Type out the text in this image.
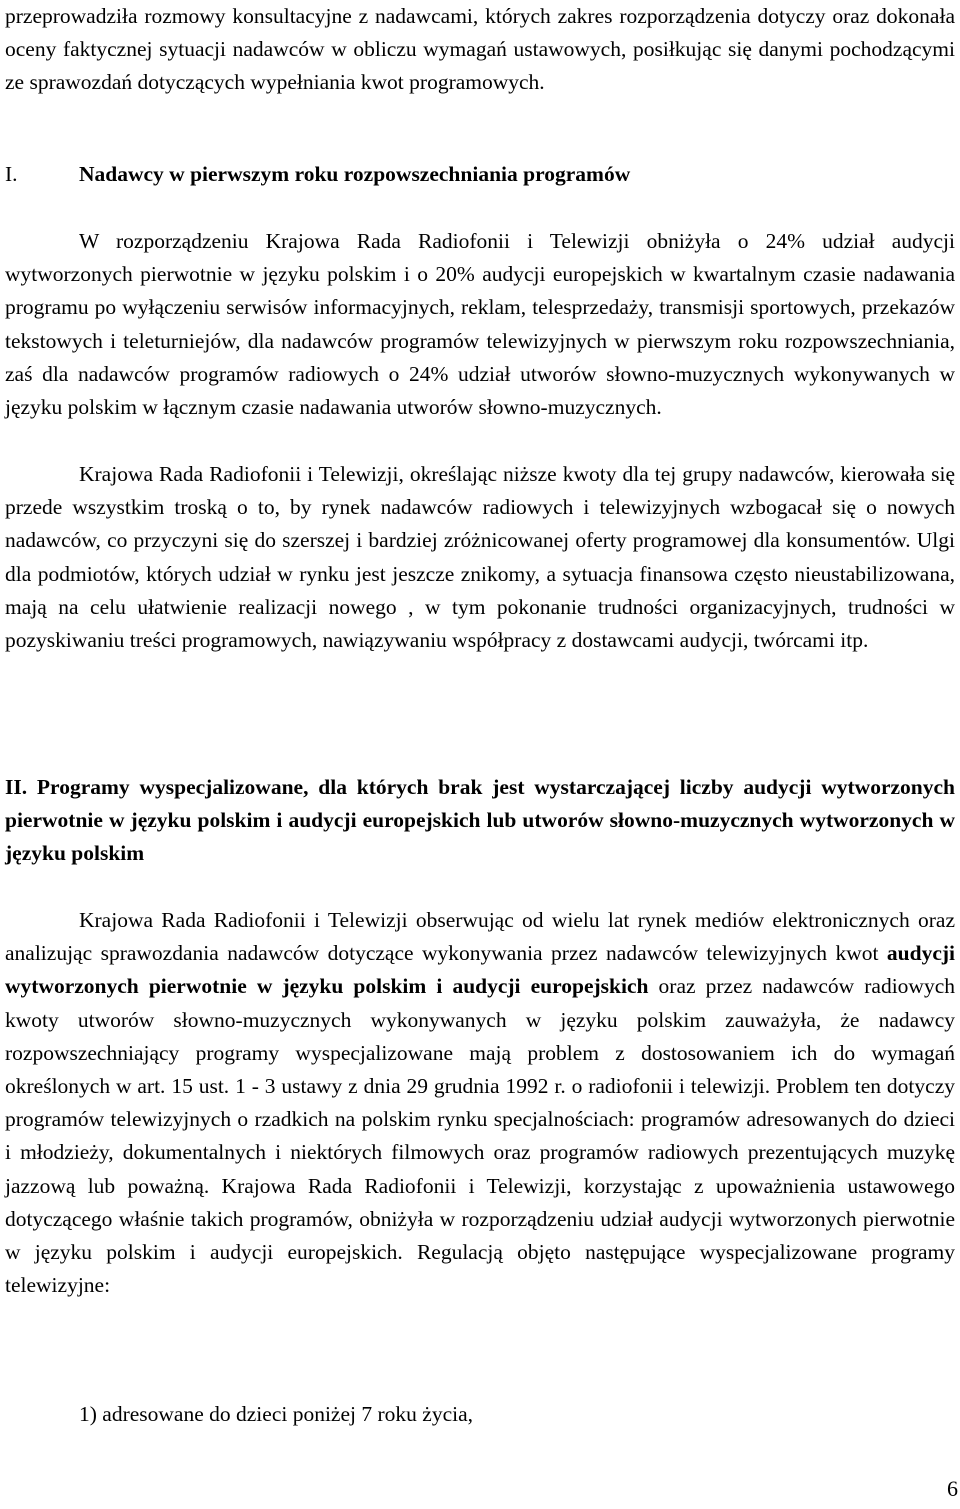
przeprowadziła rozmowy konsultacyjne z nadawcami, których zakres rozporządzenia dotyczy oraz dokonała oceny faktycznej sytuacji nadawców w obliczu wymagań ustawowych, posiłkując się danymi pochodzącymi ze sprawozdań dotyczących wypełniania kwot programowych.

I.	Nadawcy w pierwszym roku rozpowszechniania programów

W rozporządzeniu Krajowa Rada Radiofonii i Telewizji obniżyła o 24% udział audycji wytworzonych pierwotnie w języku polskim i o 20% audycji europejskich w kwartalnym czasie nadawania programu po wyłączeniu serwisów informacyjnych, reklam, telesprzedaży, transmisji sportowych, przekazów tekstowych i teleturniejów, dla nadawców programów telewizyjnych w pierwszym roku rozpowszechniania, zaś dla nadawców programów radiowych o 24% udział utworów słowno-muzycznych wykonywanych w języku polskim w łącznym czasie nadawania utworów słowno-muzycznych.

Krajowa Rada Radiofonii i Telewizji, określając niższe kwoty dla tej grupy nadawców, kierowała się przede wszystkim troską o to, by rynek nadawców radiowych i telewizyjnych wzbogacał się o nowych nadawców, co przyczyni się do szerszej i bardziej zróżnicowanej oferty programowej dla konsumentów. Ulgi dla podmiotów, których udział w rynku jest jeszcze znikomy, a sytuacja finansowa często nieustabilizowana, mają na celu ułatwienie realizacji nowego , w tym pokonanie trudności organizacyjnych, trudności w pozyskiwaniu treści programowych, nawiązywaniu współpracy z dostawcami audycji, twórcami itp.

II. Programy wyspecjalizowane, dla których brak jest wystarczającej liczby audycji wytworzonych pierwotnie w języku polskim i audycji europejskich lub utworów słowno-muzycznych wytworzonych w języku polskim

Krajowa Rada Radiofonii i Telewizji obserwując od wielu lat rynek mediów elektronicznych oraz analizując sprawozdania nadawców dotyczące wykonywania przez nadawców telewizyjnych kwot audycji wytworzonych pierwotnie w języku polskim i audycji europejskich oraz przez nadawców radiowych kwoty utworów słowno-muzycznych wykonywanych w języku polskim zauważyła, że nadawcy rozpowszechniający programy wyspecjalizowane mają problem z dostosowaniem ich do wymagań określonych w art. 15 ust. 1 - 3 ustawy z dnia 29 grudnia 1992 r. o radiofonii i telewizji. Problem ten dotyczy programów telewizyjnych o rzadkich na polskim rynku specjalnościach: programów adresowanych do dzieci i młodzieży, dokumentalnych i niektórych filmowych oraz programów radiowych prezentujących muzykę jazzową lub poważną. Krajowa Rada Radiofonii i Telewizji, korzystając z upoważnienia ustawowego dotyczącego właśnie takich programów, obniżyła w rozporządzeniu udział audycji wytworzonych pierwotnie w języku polskim i audycji europejskich. Regulacją objęto następujące wyspecjalizowane programy telewizyjne:

1) adresowane do dzieci poniżej 7 roku życia,

6
